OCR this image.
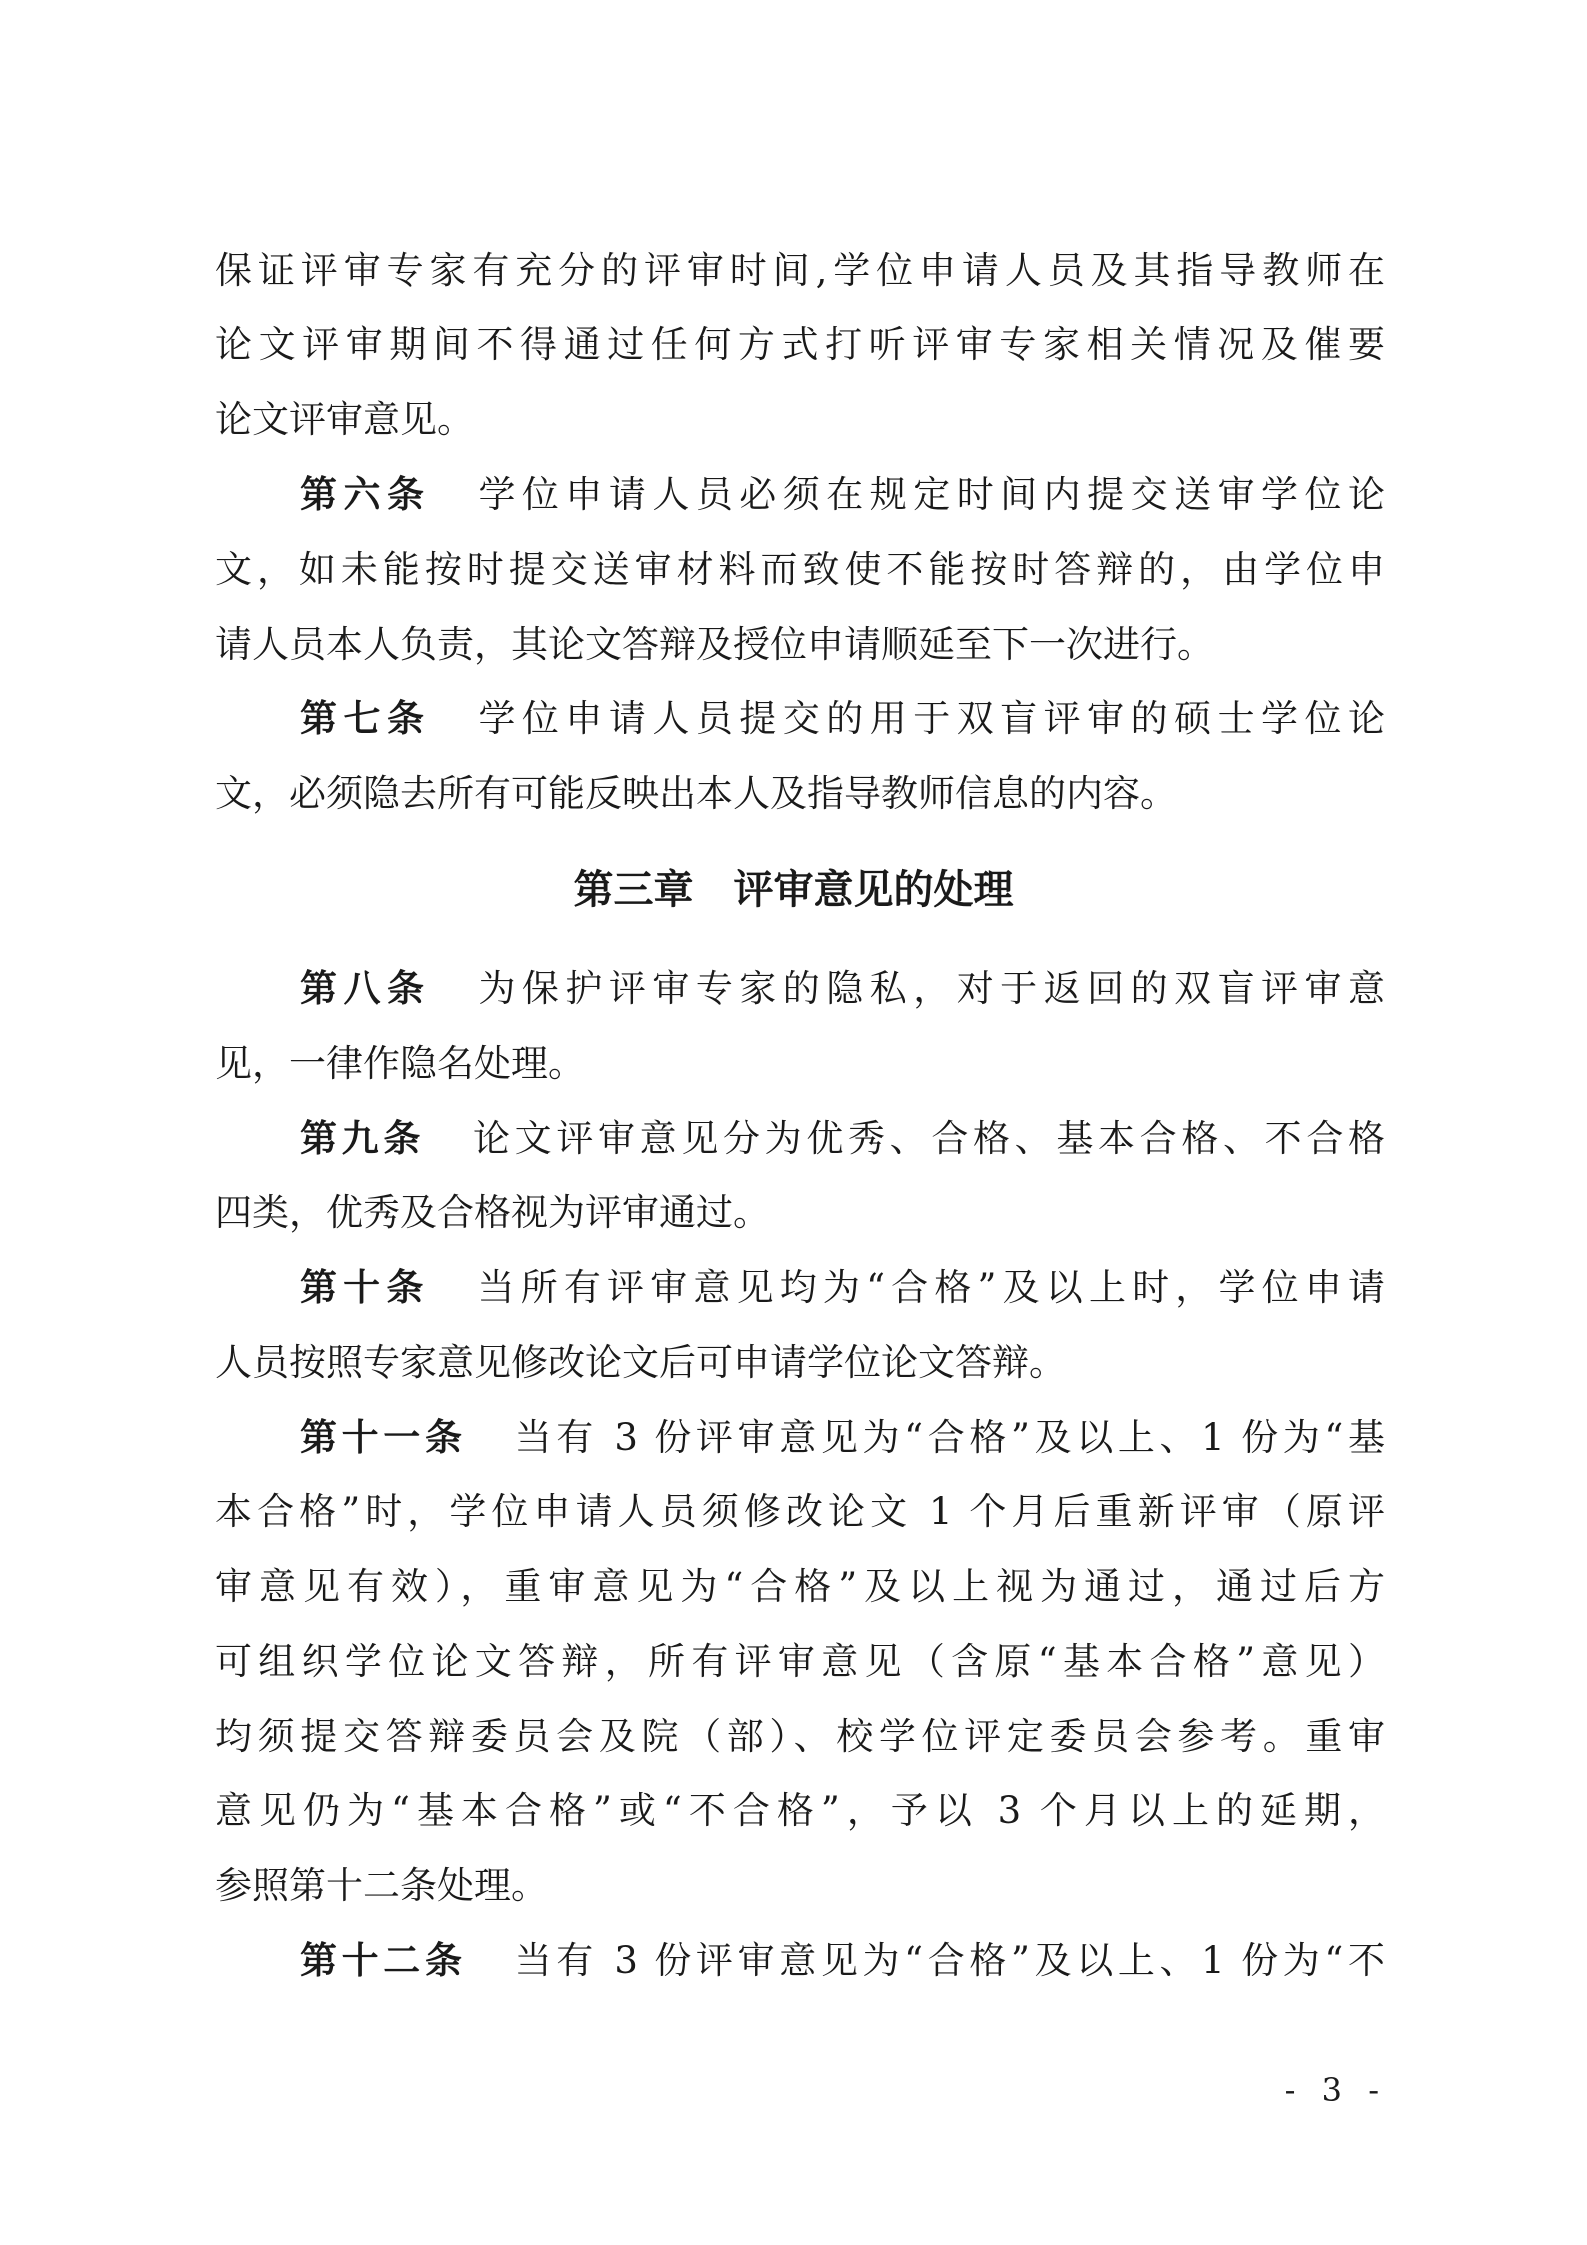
保证评审专家有充分的评审时间,学位申请人员及其指导教师在
论文评审期间不得通过任何方式打听评审专家相关情况及催要
论文评审意见。
第六条 学位申请人员必须在规定时间内提交送审学位论
文，如未能按时提交送审材料而致使不能按时答辩的，由学位申
请人员本人负责，其论文答辩及授位申请顺延至下一次进行。
第七条 学位申请人员提交的用于双盲评审的硕士学位论
文，必须隐去所有可能反映出本人及指导教师信息的内容。
第三章　评审意见的处理
第八条 为保护评审专家的隐私，对于返回的双盲评审意
见，一律作隐名处理。
第九条 论文评审意见分为优秀、合格、基本合格、不合格
四类，优秀及合格视为评审通过。
第十条 当所有评审意见均为“合格”及以上时，学位申请
人员按照专家意见修改论文后可申请学位论文答辩。
第十一条 当有 3 份评审意见为“合格”及以上、1 份为“基
本合格”时，学位申请人员须修改论文 1 个月后重新评审（原评
审意见有效），重审意见为“合格”及以上视为通过，通过后方
可组织学位论文答辩，所有评审意见（含原“基本合格”意见）
均须提交答辩委员会及院（部）、校学位评定委员会参考。重审
意见仍为“基本合格”或“不合格”，予以 3 个月以上的延期，
参照第十二条处理。
第十二条 当有 3 份评审意见为“合格”及以上、1 份为“不
- 3 -
